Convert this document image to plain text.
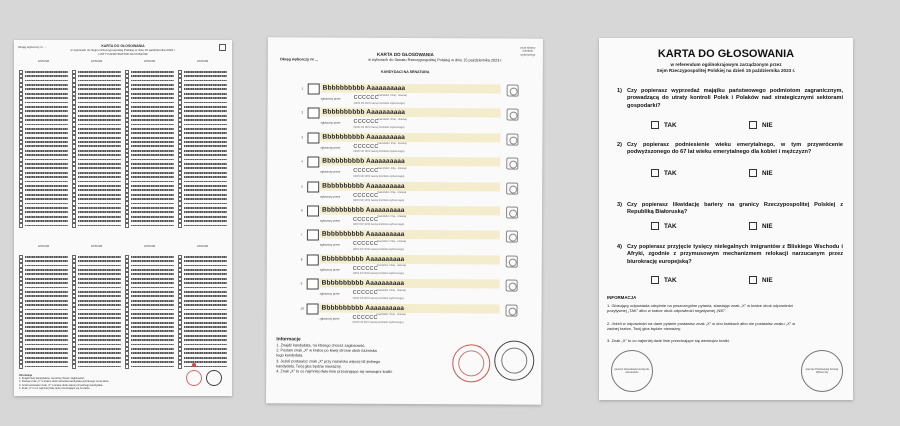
Okręg wyborczy nr ...	KARTA DO GŁOSOWANIA
w wyborach do Sejmu Rzeczypospolitej Polskiej w dniu 15 października 2023 r.
LISTY KANDYDATÓW NA POSŁÓW
LISTA NR	LISTA NR	LISTA NR	LISTA NR
LISTA NR	LISTA NR	LISTA NR	LISTA NR
Informacje
1. Znajdź listę kandydatów, na której chcesz zagłosować.
2. Postaw znak „X” w kratce obok nazwiska kandydata wybranego na tej liście.
3. Jeżeli postawisz znak „X” w kratce obok więcej niż jednego kandydata...
4. Znak „X” to co najmniej dwie linie przecinające się w kratce.
KARTA DO GŁOSOWANIA
Okręg wyborczy nr ...	w wyborach do Senatu Rzeczypospolitej Polskiej w dniu 15 października 2023 r.
znak słowny komitetu wyborczego
KANDYDACI NA SENATORA
1	Bbbbbbbbbb Aaaaaaaaaa
(nazwisko i imię - imiona)
zgłoszony przez CCCCCC
(skrót lub skrót nazwy komitetu wyborczego)
2	Bbbbbbbbbb Aaaaaaaaaa
(nazwisko i imię - imiona)
zgłoszony przez CCCCCC
(skrót lub skrót nazwy komitetu wyborczego)
3	Bbbbbbbbbb Aaaaaaaaaa
(nazwisko i imię - imiona)
zgłoszony przez CCCCCC
(skrót lub skrót nazwy komitetu wyborczego)
4	Bbbbbbbbbb Aaaaaaaaaa
(nazwisko i imię - imiona)
zgłoszony przez CCCCCC
(skrót lub skrót nazwy komitetu wyborczego)
5	Bbbbbbbbbb Aaaaaaaaaa
(nazwisko i imię - imiona)
zgłoszony przez CCCCCC
(skrót lub skrót nazwy komitetu wyborczego)
6	Bbbbbbbbbb Aaaaaaaaaa
(nazwisko i imię - imiona)
zgłoszony przez CCCCCC
(skrót lub skrót nazwy komitetu wyborczego)
7	Bbbbbbbbbb Aaaaaaaaaa
(nazwisko i imię - imiona)
zgłoszony przez CCCCCC
(skrót lub skrót nazwy komitetu wyborczego)
8	Bbbbbbbbbb Aaaaaaaaaa
(nazwisko i imię - imiona)
zgłoszony przez CCCCCC
(skrót lub skrót nazwy komitetu wyborczego)
9	Bbbbbbbbbb Aaaaaaaaaa
(nazwisko i imię - imiona)
zgłoszony przez CCCCCC
(skrót lub skrót nazwy komitetu wyborczego)
10	Bbbbbbbbbb Aaaaaaaaaa
(nazwisko i imię - imiona)
zgłoszony przez CCCCCC
(skrót lub skrót nazwy komitetu wyborczego)
Informacje
1. Znajdź kandydata, na którego chcesz zagłosować.
2. Postaw znak „X” w kratce po lewej stronie obok nazwiska
tego kandydata.
3. Jeżeli postawisz znak „X” przy nazwisku więcej niż jednego
kandydata, Twój głos będzie nieważny.
4. Znak „X” to co najmniej dwie linie przecinające się wewnątrz kratki.
KARTA DO GŁOSOWANIA
w referendum ogólnokrajowym zarządzonym przez
Sejm Rzeczypospolitej Polskiej na dzień 15 października 2023 r.
1) Czy popierasz wyprzedaż majątku państwowego podmiotom zagranicznym, prowadzącą do utraty kontroli Polek i Polaków nad strategicznymi sektorami gospodarki?
TAK	NIE
2) Czy popierasz podniesienie wieku emerytalnego, w tym przywrócenie podwyższonego do 67 lat wieku emerytalnego dla kobiet i mężczyzn?
TAK	NIE
3) Czy popierasz likwidację bariery na granicy Rzeczypospolitej Polskiej z Republiką Białoruską?
TAK	NIE
4) Czy popierasz przyjęcie tysięcy nielegalnych imigrantów z Bliskiego Wschodu i Afryki, zgodnie z przymusowym mechanizmem relokacji narzucanym przez biurokrację europejską?
TAK	NIE
INFORMACJA
1. Głosujący odpowiada odrębnie na poszczególne pytania, stawiając znak „X” w kratce obok odpowiedzi pozytywnej „TAK” albo w kratce obok odpowiedzi negatywnej „NIE”.
2. Jeżeli w odpowiedzi na dane pytanie postawisz znak „X” w obu kratkach albo nie postawisz znaku „X” w żadnej kratce, Twój głos będzie nieważny.
3. Znak „X” to co najmniej dwie linie przecinające się wewnątrz kratki.
pieczęć obwodowej komisji ds. referendum
pieczęć Państwowej Komisji Wyborczej
